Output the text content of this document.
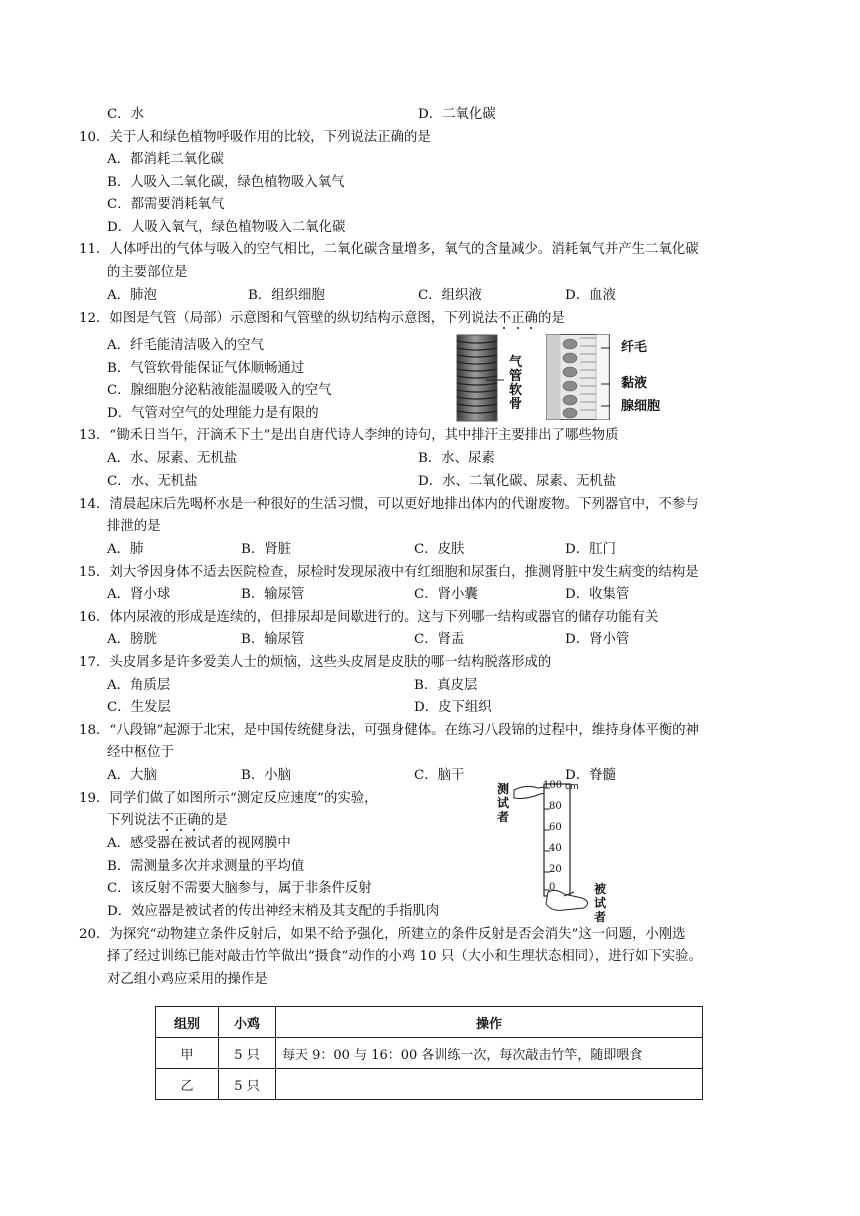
C．水	D．二氧化碳
10．关于人和绿色植物呼吸作用的比较，下列说法正确的是
A．都消耗二氧化碳
B．人吸入二氧化碳，绿色植物吸入氧气
C．都需要消耗氧气
D．人吸入氧气，绿色植物吸入二氧化碳
11．人体呼出的气体与吸入的空气相比，二氧化碳含量增多，氧气的含量减少。消耗氧气并产生二氧化碳
的主要部位是
A．肺泡	B．组织细胞	C．组织液	D．血液
12．如图是气管（局部）示意图和气管壁的纵切结构示意图，下列说法不正确的是
A．纤毛能清洁吸入的空气
B．气管软骨能保证气体顺畅通过
C．腺细胞分泌粘液能温暖吸入的空气
D．气管对空气的处理能力是有限的
气管软骨
纤毛
黏液
腺细胞
13．“锄禾日当午，汗滴禾下土”是出自唐代诗人李绅的诗句，其中排汗主要排出了哪些物质
A．水、尿素、无机盐	B．水、尿素
C．水、无机盐	D．水、二氧化碳、尿素、无机盐
14．清晨起床后先喝杯水是一种很好的生活习惯，可以更好地排出体内的代谢废物。下列器官中，不参与
排泄的是
A．肺	B．肾脏	C．皮肤	D．肛门
15．刘大爷因身体不适去医院检查，尿检时发现尿液中有红细胞和尿蛋白，推测肾脏中发生病变的结构是
A．肾小球	B．输尿管	C．肾小囊	D．收集管
16．体内尿液的形成是连续的，但排尿却是间歇进行的。这与下列哪一结构或器官的储存功能有关
A．膀胱	B．输尿管	C．肾盂	D．肾小管
17．头皮屑多是许多爱美人士的烦恼，这些头皮屑是皮肤的哪一结构脱落形成的
A．角质层	B．真皮层
C．生发层	D．皮下组织
18．“八段锦”起源于北宋，是中国传统健身法，可强身健体。在练习八段锦的过程中，维持身体平衡的神
经中枢位于
A．大脑	B．小脑	C．脑干	D．脊髓
19．同学们做了如图所示“测定反应速度”的实验，
下列说法不正确的是
A．感受器在被试者的视网膜中
B．需测量多次并求测量的平均值
C．该反射不需要大脑参与，属于非条件反射
D．效应器是被试者的传出神经末梢及其支配的手指肌肉
测试者
被试者
100 cm
80
60
40
20
0
20．为探究“动物建立条件反射后，如果不给予强化，所建立的条件反射是否会消失”这一问题，小刚选
择了经过训练已能对敲击竹竿做出“摄食”动作的小鸡 10 只（大小和生理状态相同），进行如下实验。
对乙组小鸡应采用的操作是
组别	小鸡	操作
甲	5 只	每天 9：00 与 16：00 各训练一次，每次敲击竹竿，随即喂食
乙	5 只	
